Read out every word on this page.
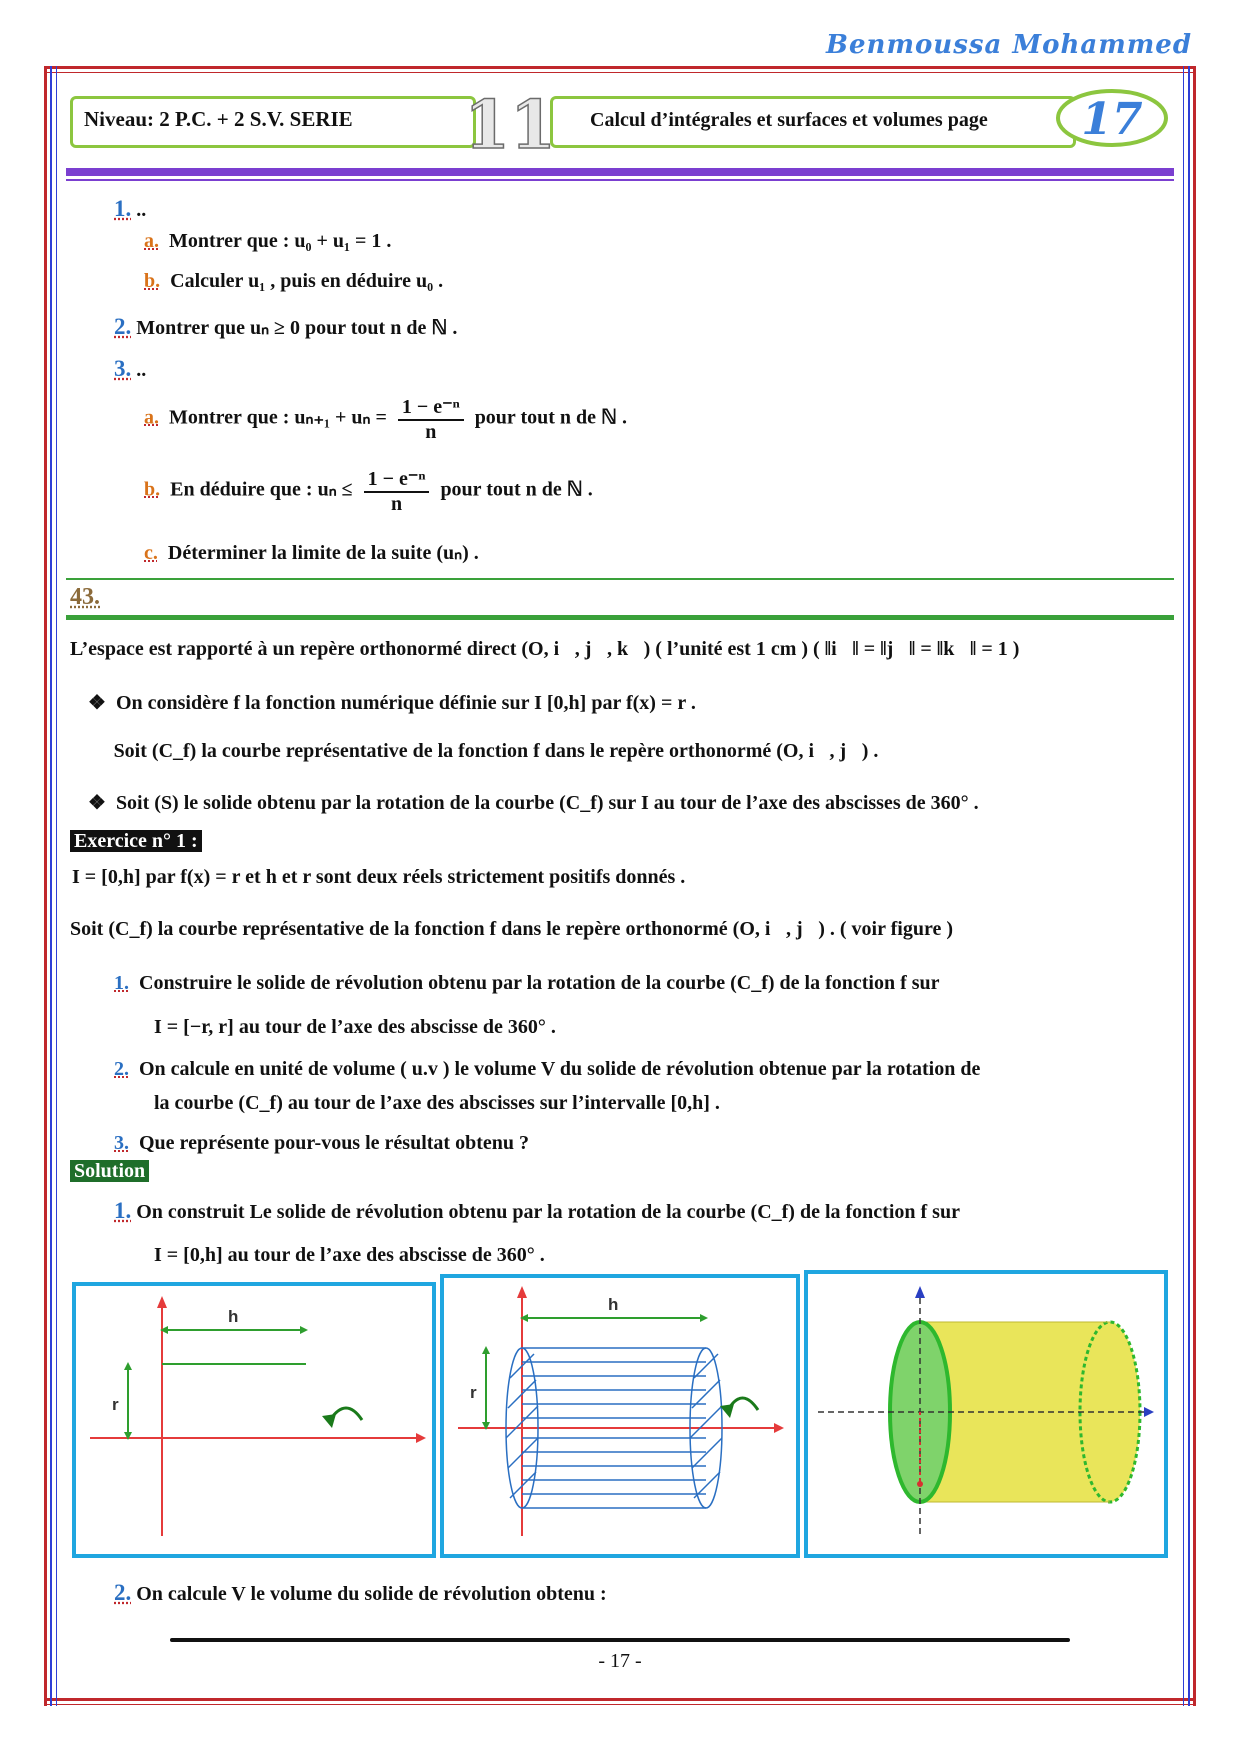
Benmoussa Mohammed
Niveau: 2 P.C. + 2 S.V. SERIE	Calcul d’intégrales et surfaces et volumes page
11	17
1. ..
a. Montrer que : u₀ + u₁ = 1 .
b. Calculer u₁ , puis en déduire u₀ .
2. Montrer que uₙ ≥ 0 pour tout n de ℕ .
3. ..
a. Montrer que : $u_{n+1} + u_n = \frac{\text{1 − e⁻ⁿ}}{n}$ pour tout n de ℕ .
b. En déduire que : $u_n \le \frac{\text{1 − e⁻ⁿ}}{n}$ pour tout n de ℕ .
c. Déterminer la limite de la suite (uₙ) .
43.
L’espace est rapporté à un repère orthonormé direct (O, i⃗, j⃗, k⃗) ( l’unité est 1 cm ) ( ‖i⃗‖ = ‖j⃗‖ = ‖k⃗‖ = 1 )
❖ On considère f la fonction numérique définie sur I [0,h] par f(x) = r .
❖ Soit (C_f) la courbe représentative de la fonction f dans le repère orthonormé (O, i⃗, j⃗) .
❖ Soit (S) le solide obtenu par la rotation de la courbe (C_f) sur I au tour de l’axe des abscisses de 360° .
Exercice n° 1 :
I = [0,h] par f(x) = r et h et r sont deux réels strictement positifs donnés .
Soit (C_f) la courbe représentative de la fonction f dans le repère orthonormé (O, i⃗, j⃗) . ( voir figure )
1. Construire le solide de révolution obtenu par la rotation de la courbe (C_f) de la fonction f sur
I = [−r, r] au tour de l’axe des abscisse de 360° .
2. On calcule en unité de volume ( u.v ) le volume V du solide de révolution obtenue par la rotation de
la courbe (C_f) au tour de l’axe des abscisses sur l’intervalle [0,h] .
3. Que représente pour-vous le résultat obtenu ?
Solution
1. On construit Le solide de révolution obtenu par la rotation de la courbe (C_f) de la fonction f sur
I = [0,h] au tour de l’axe des abscisse de 360° .
h
r
h
r
2. On calcule V le volume du solide de révolution obtenu :
- 17 -
